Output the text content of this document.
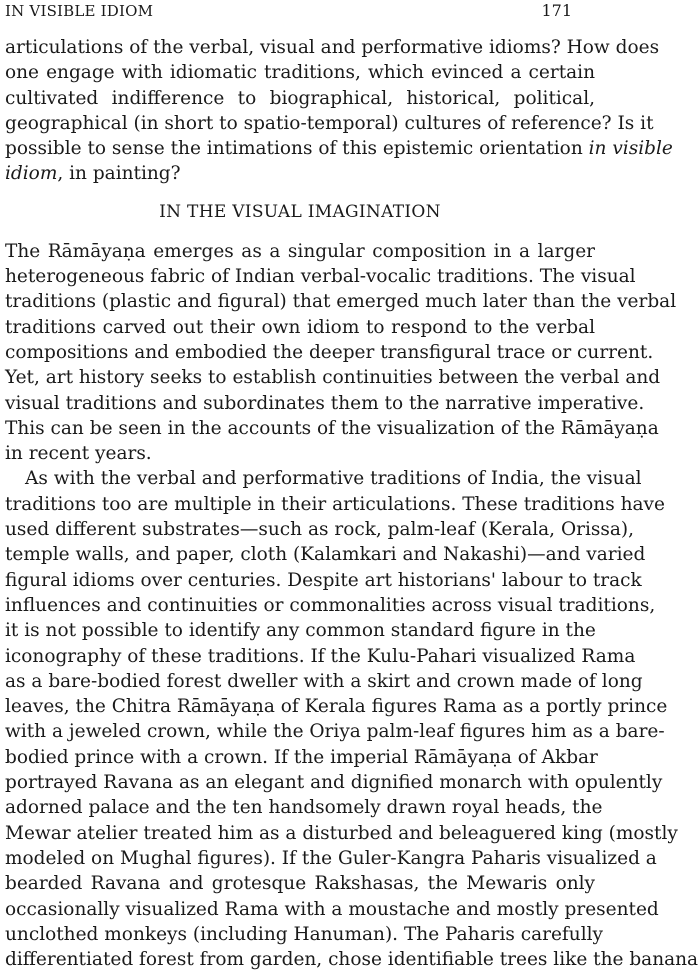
IN VISIBLE IDIOM	171
articulations of the verbal, visual and performative idioms? How does
one engage with idiomatic traditions, which evinced a certain
cultivated indifference to biographical, historical, political,
geographical (in short to spatio-temporal) cultures of reference? Is it
possible to sense the intimations of this epistemic orientation in visible
idiom, in painting?
IN THE VISUAL IMAGINATION
The Rāmāyaṇa emerges as a singular composition in a larger
heterogeneous fabric of Indian verbal-vocalic traditions. The visual
traditions (plastic and figural) that emerged much later than the verbal
traditions carved out their own idiom to respond to the verbal
compositions and embodied the deeper transfigural trace or current.
Yet, art history seeks to establish continuities between the verbal and
visual traditions and subordinates them to the narrative imperative.
This can be seen in the accounts of the visualization of the Rāmāyaṇa
in recent years.
As with the verbal and performative traditions of India, the visual
traditions too are multiple in their articulations. These traditions have
used different substrates—such as rock, palm-leaf (Kerala, Orissa),
temple walls, and paper, cloth (Kalamkari and Nakashi)—and varied
figural idioms over centuries. Despite art historians' labour to track
influences and continuities or commonalities across visual traditions,
it is not possible to identify any common standard figure in the
iconography of these traditions. If the Kulu-Pahari visualized Rama
as a bare-bodied forest dweller with a skirt and crown made of long
leaves, the Chitra Rāmāyaṇa of Kerala figures Rama as a portly prince
with a jeweled crown, while the Oriya palm-leaf figures him as a bare-
bodied prince with a crown. If the imperial Rāmāyaṇa of Akbar
portrayed Ravana as an elegant and dignified monarch with opulently
adorned palace and the ten handsomely drawn royal heads, the
Mewar atelier treated him as a disturbed and beleaguered king (mostly
modeled on Mughal figures). If the Guler-Kangra Paharis visualized a
bearded Ravana and grotesque Rakshasas, the Mewaris only
occasionally visualized Rama with a moustache and mostly presented
unclothed monkeys (including Hanuman). The Paharis carefully
differentiated forest from garden, chose identifiable trees like the banana
